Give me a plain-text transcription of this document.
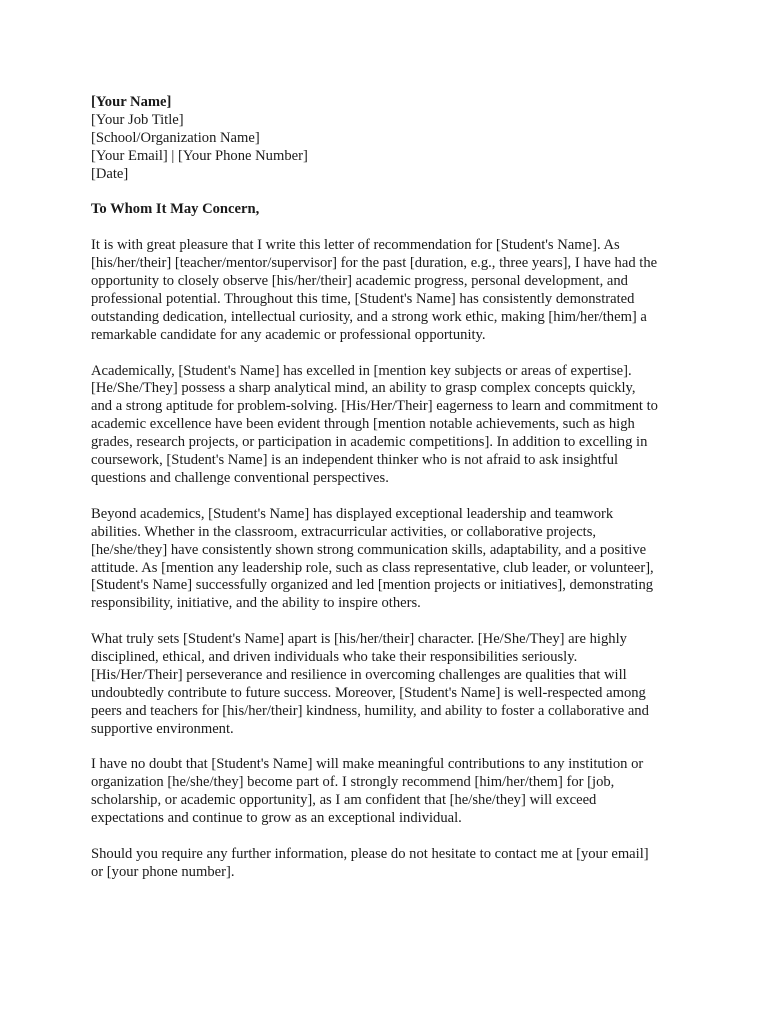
[Your Name]
[Your Job Title]
[School/Organization Name]
[Your Email] | [Your Phone Number]
[Date]

To Whom It May Concern,

It is with great pleasure that I write this letter of recommendation for [Student's Name]. As
[his/her/their] [teacher/mentor/supervisor] for the past [duration, e.g., three years], I have had the
opportunity to closely observe [his/her/their] academic progress, personal development, and
professional potential. Throughout this time, [Student's Name] has consistently demonstrated
outstanding dedication, intellectual curiosity, and a strong work ethic, making [him/her/them] a
remarkable candidate for any academic or professional opportunity.

Academically, [Student's Name] has excelled in [mention key subjects or areas of expertise].
[He/She/They] possess a sharp analytical mind, an ability to grasp complex concepts quickly,
and a strong aptitude for problem-solving. [His/Her/Their] eagerness to learn and commitment to
academic excellence have been evident through [mention notable achievements, such as high
grades, research projects, or participation in academic competitions]. In addition to excelling in
coursework, [Student's Name] is an independent thinker who is not afraid to ask insightful
questions and challenge conventional perspectives.

Beyond academics, [Student's Name] has displayed exceptional leadership and teamwork
abilities. Whether in the classroom, extracurricular activities, or collaborative projects,
[he/she/they] have consistently shown strong communication skills, adaptability, and a positive
attitude. As [mention any leadership role, such as class representative, club leader, or volunteer],
[Student's Name] successfully organized and led [mention projects or initiatives], demonstrating
responsibility, initiative, and the ability to inspire others.

What truly sets [Student's Name] apart is [his/her/their] character. [He/She/They] are highly
disciplined, ethical, and driven individuals who take their responsibilities seriously.
[His/Her/Their] perseverance and resilience in overcoming challenges are qualities that will
undoubtedly contribute to future success. Moreover, [Student's Name] is well-respected among
peers and teachers for [his/her/their] kindness, humility, and ability to foster a collaborative and
supportive environment.

I have no doubt that [Student's Name] will make meaningful contributions to any institution or
organization [he/she/they] become part of. I strongly recommend [him/her/them] for [job,
scholarship, or academic opportunity], as I am confident that [he/she/they] will exceed
expectations and continue to grow as an exceptional individual.

Should you require any further information, please do not hesitate to contact me at [your email]
or [your phone number].
